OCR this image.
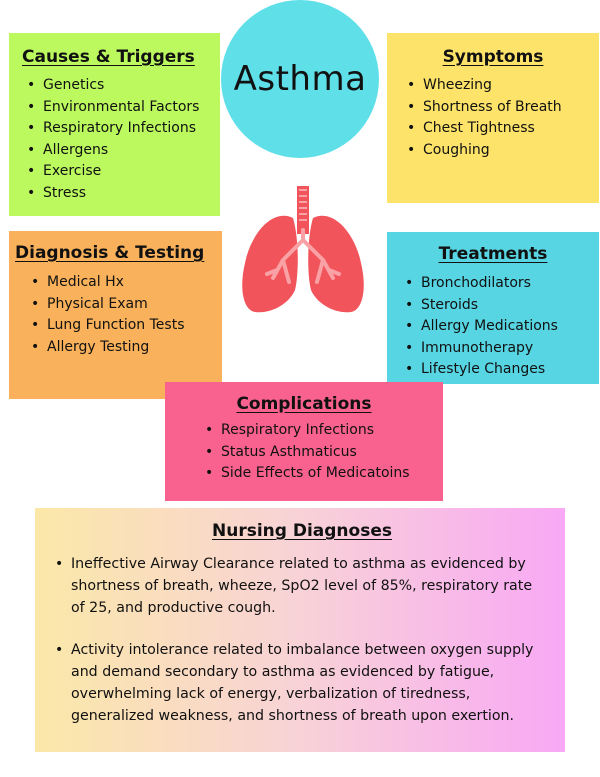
Causes & Triggers
• Genetics
• Environmental Factors
• Respiratory Infections
• Allergens
• Exercise
• Stress
Asthma
Symptoms
• Wheezing
• Shortness of Breath
• Chest Tightness
• Coughing
Diagnosis & Testing
• Medical Hx
• Physical Exam
• Lung Function Tests
• Allergy Testing
Treatments
• Bronchodilators
• Steroids
• Allergy Medications
• Immunotherapy
• Lifestyle Changes
Complications
• Respiratory Infections
• Status Asthmaticus
• Side Effects of Medicatoins
Nursing Diagnoses
• Ineffective Airway Clearance related to asthma as evidenced by shortness of breath, wheeze, SpO2 level of 85%, respiratory rate of 25, and productive cough.
• Activity intolerance related to imbalance between oxygen supply and demand secondary to asthma as evidenced by fatigue, overwhelming lack of energy, verbalization of tiredness, generalized weakness, and shortness of breath upon exertion.
